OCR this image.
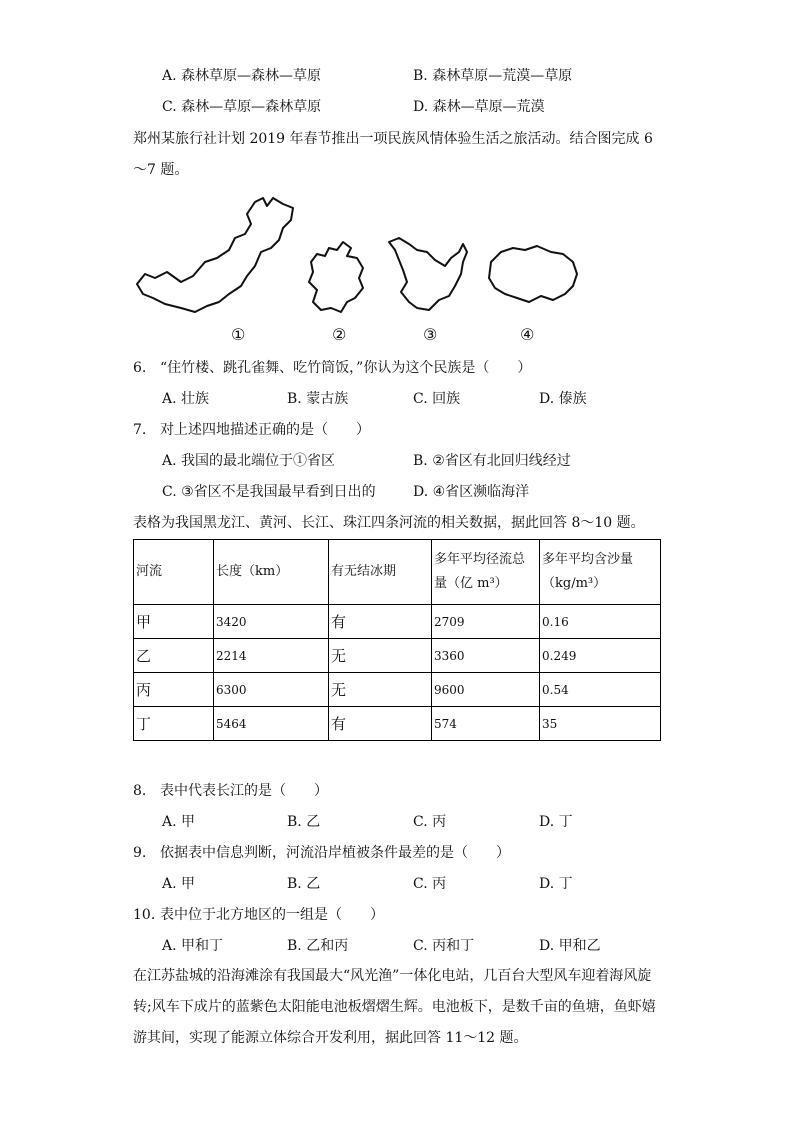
A. 森林草原—森林—草原	B. 森林草原—荒漠—草原
C. 森林—草原—森林草原	D. 森林—草原—荒漠
郑州某旅行社计划 2019 年春节推出一项民族风情体验生活之旅活动。结合图完成 6～7 题。
①	②	③	④
6. “住竹楼、跳孔雀舞、吃竹筒饭，”你认为这个民族是（　　）
A. 壮族	B. 蒙古族	C. 回族	D. 傣族
7. 对上述四地描述正确的是（　　）
A. 我国的最北端位于①省区	B. ②省区有北回归线经过
C. ③省区不是我国最早看到日出的	D. ④省区濒临海洋
表格为我国黑龙江、黄河、长江、珠江四条河流的相关数据，据此回答 8～10 题。
河流	长度（km）	有无结冰期	多年平均径流总量（亿 m³）	多年平均含沙量（kg/m³）
甲	3420	有	2709	0.16
乙	2214	无	3360	0.249
丙	6300	无	9600	0.54
丁	5464	有	574	35
8. 表中代表长江的是（　　）
A. 甲	B. 乙	C. 丙	D. 丁
9. 依据表中信息判断，河流沿岸植被条件最差的是（　　）
A. 甲	B. 乙	C. 丙	D. 丁
10. 表中位于北方地区的一组是（　　）
A. 甲和丁	B. 乙和丙	C. 丙和丁	D. 甲和乙
在江苏盐城的沿海滩涂有我国最大“风光渔”一体化电站，几百台大型风车迎着海风旋转;风车下成片的蓝紫色太阳能电池板熠熠生辉。电池板下，是数千亩的鱼塘，鱼虾嬉游其间，实现了能源立体综合开发利用，据此回答 11～12 题。
